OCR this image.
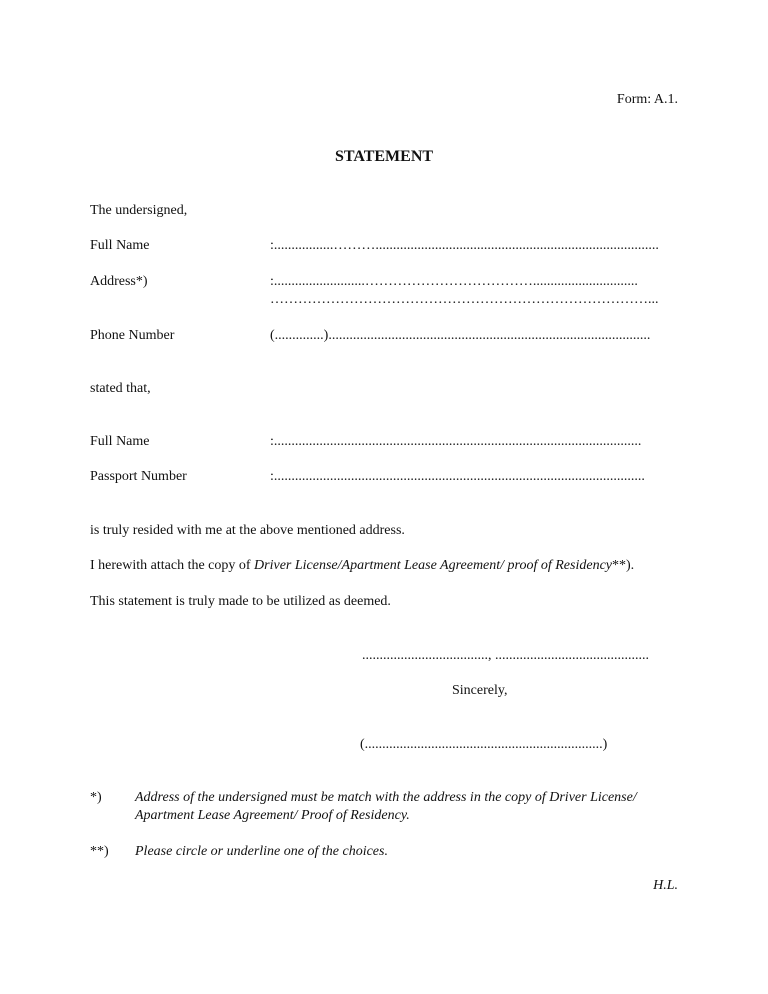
Form: A.1.
STATEMENT
The undersigned,
Full Name	:.................……….................................................................................
Address*)	:..........................………………………………..............................
………………………………………………………………………...
Phone Number	(..............)............................................................................................
stated that,
Full Name	:.........................................................................................................
Passport Number	:..........................................................................................................
is truly resided with me at the above mentioned address.
I herewith attach the copy of Driver License/Apartment Lease Agreement/ proof of Residency**).
This statement is truly made to be utilized as deemed.
...................................., ............................................
Sincerely,
(....................................................................)
*) Address of the undersigned must be match with the address in the copy of Driver License/
Apartment Lease Agreement/ Proof of Residency.
**) Please circle or underline one of the choices.
H.L.
